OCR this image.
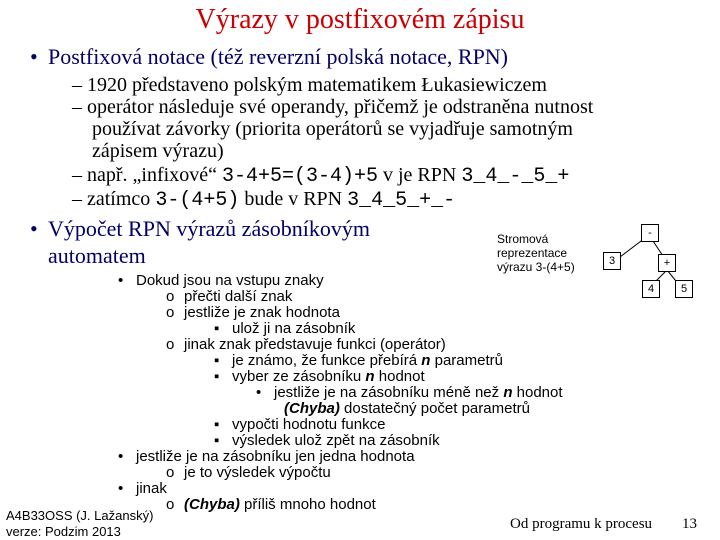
Výrazy v postfixovém zápisu
• Postfixová notace (též reverzní polská notace, RPN)
– 1920 představeno polským matematikem Łukasiewiczem
– operátor následuje své operandy, přičemž je odstraněna nutnost
používat závorky (priorita operátorů se vyjadřuje samotným
zápisem výrazu)
– např. „infixové“ 3-4+5=(3-4)+5 v je RPN 3_4_-_5_+
– zatímco 3-(4+5) bude v RPN 3_4_5_+_-
• Výpočet RPN výrazů zásobníkovým
automatem
• Dokud jsou na vstupu znaky
o přečti další znak
o jestliže je znak hodnota
▪ ulož ji na zásobník
o jinak znak představuje funkci (operátor)
▪ je známo, že funkce přebírá n parametrů
▪ vyber ze zásobníku n hodnot
• jestliže je na zásobníku méně než n hodnot
(Chyba) dostatečný počet parametrů
▪ vypočti hodnotu funkce
▪ výsledek ulož zpět na zásobník
• jestliže je na zásobníku jen jedna hodnota
o je to výsledek výpočtu
• jinak
o (Chyba) příliš mnoho hodnot
Stromová
reprezentace
výrazu 3-(4+5)
-
3	+
4	5
A4B33OSS (J. Lažanský)
verze: Podzim 2013	Od programu k procesu 13
